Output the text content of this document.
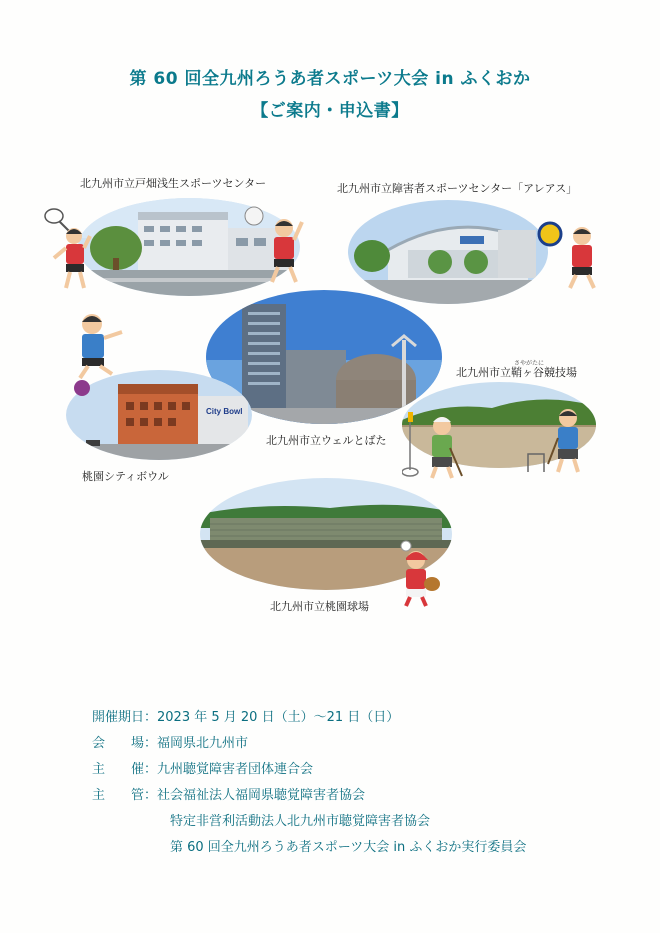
第 60 回全九州ろうあ者スポーツ大会 in ふくおか
【ご案内・申込書】
北九州市立戸畑浅生スポーツセンター	北九州市立障害者スポーツセンター「アレアス」
City Bowl
さやがたに
北九州市立鞘ヶ谷競技場
北九州市立ウェルとばた
桃園シティボウル
北九州市立桃園球場
開催期日：2023 年 5 月 20 日（土）～21 日（日）
会　　場：福岡県北九州市
主　　催：九州聴覚障害者団体連合会
主　　管：社会福祉法人福岡県聴覚障害者協会
特定非営利活動法人北九州市聴覚障害者協会
第 60 回全九州ろうあ者スポーツ大会 in ふくおか実行委員会
